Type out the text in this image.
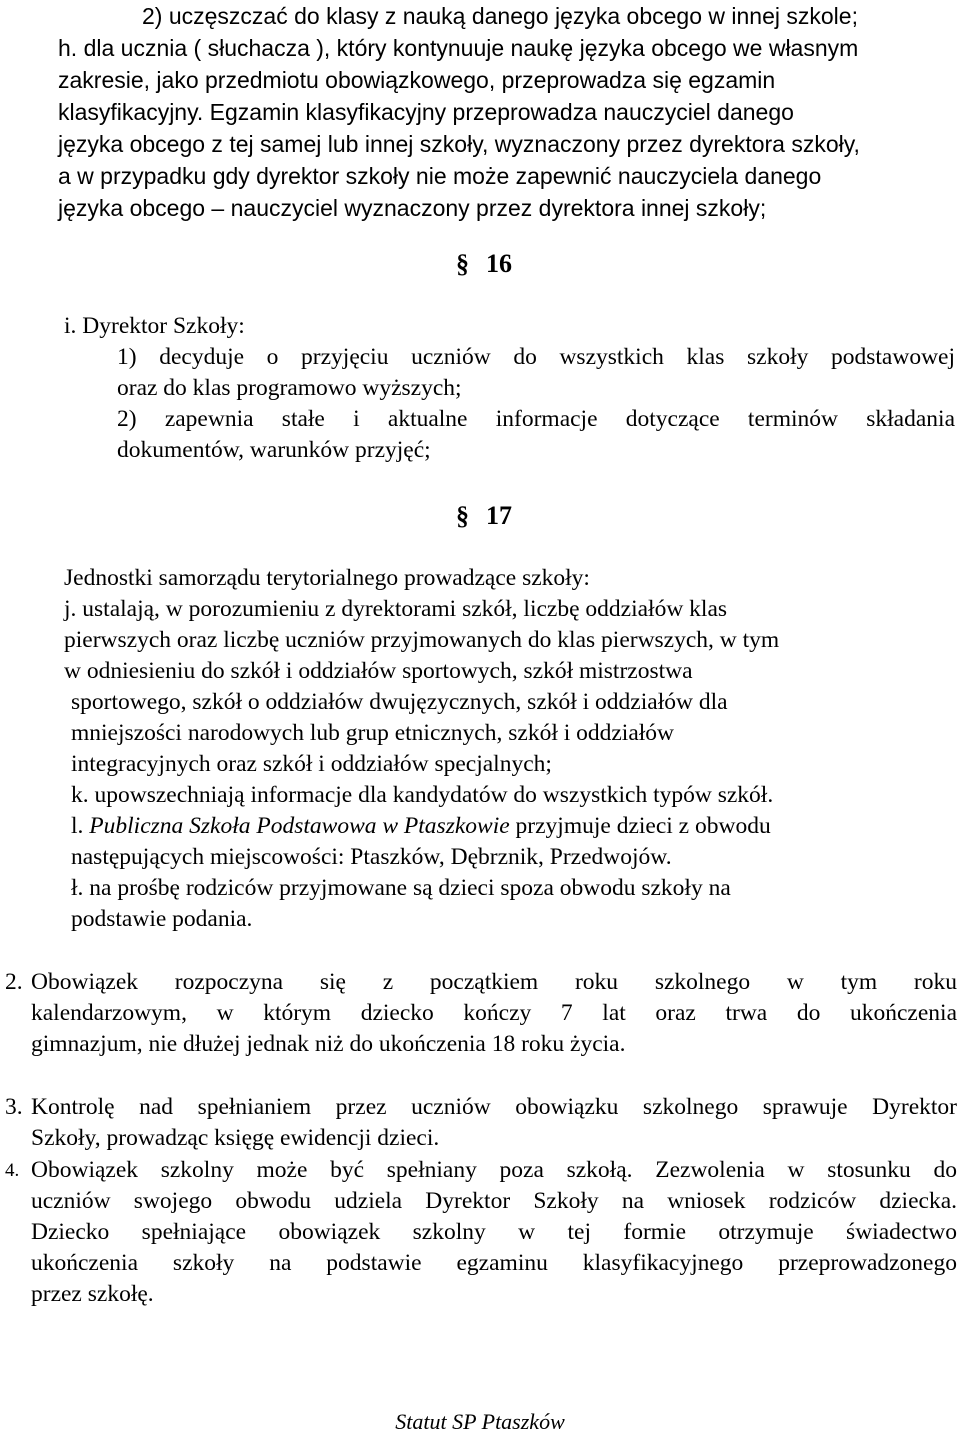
2) uczęszczać do klasy z nauką danego języka obcego w innej szkole;
h. dla ucznia ( słuchacza ), który kontynuuje naukę języka obcego we własnym
zakresie, jako przedmiotu obowiązkowego, przeprowadza się egzamin
klasyfikacyjny. Egzamin klasyfikacyjny przeprowadza nauczyciel danego
języka obcego z tej samej lub innej szkoły, wyznaczony przez dyrektora szkoły,
a w przypadku gdy dyrektor szkoły nie może zapewnić nauczyciela danego
języka obcego – nauczyciel wyznaczony przez dyrektora innej szkoły;
§ 16
i. Dyrektor Szkoły:
1) decyduje o przyjęciu uczniów do wszystkich klas szkoły podstawowej
oraz do klas programowo wyższych;
2) zapewnia stałe i aktualne informacje dotyczące terminów składania
dokumentów, warunków przyjęć;
§ 17
Jednostki samorządu terytorialnego prowadzące szkoły:
j. ustalają, w porozumieniu z dyrektorami szkół, liczbę oddziałów klas
pierwszych oraz liczbę uczniów przyjmowanych do klas pierwszych, w tym
w odniesieniu do szkół i oddziałów sportowych, szkół mistrzostwa
sportowego, szkół o oddziałów dwujęzycznych, szkół i oddziałów dla
mniejszości narodowych lub grup etnicznych, szkół i oddziałów
integracyjnych oraz szkół i oddziałów specjalnych;
k. upowszechniają informacje dla kandydatów do wszystkich typów szkół.
l. Publiczna Szkoła Podstawowa w Ptaszkowie przyjmuje dzieci z obwodu
następujących miejscowości: Ptaszków, Dębrznik, Przedwojów.
ł. na prośbę rodziców przyjmowane są dzieci spoza obwodu szkoły na
podstawie podania.
2. Obowiązek rozpoczyna się z początkiem roku szkolnego w tym roku
kalendarzowym, w którym dziecko kończy 7 lat oraz trwa do ukończenia
gimnazjum, nie dłużej jednak niż do ukończenia 18 roku życia.
3. Kontrolę nad spełnianiem przez uczniów obowiązku szkolnego sprawuje Dyrektor
Szkoły, prowadząc księgę ewidencji dzieci.
4. Obowiązek szkolny może być spełniany poza szkołą. Zezwolenia w stosunku do
uczniów swojego obwodu udziela Dyrektor Szkoły na wniosek rodziców dziecka.
Dziecko spełniające obowiązek szkolny w tej formie otrzymuje świadectwo
ukończenia szkoły na podstawie egzaminu klasyfikacyjnego przeprowadzonego
przez szkołę.
Statut SP Ptaszków
